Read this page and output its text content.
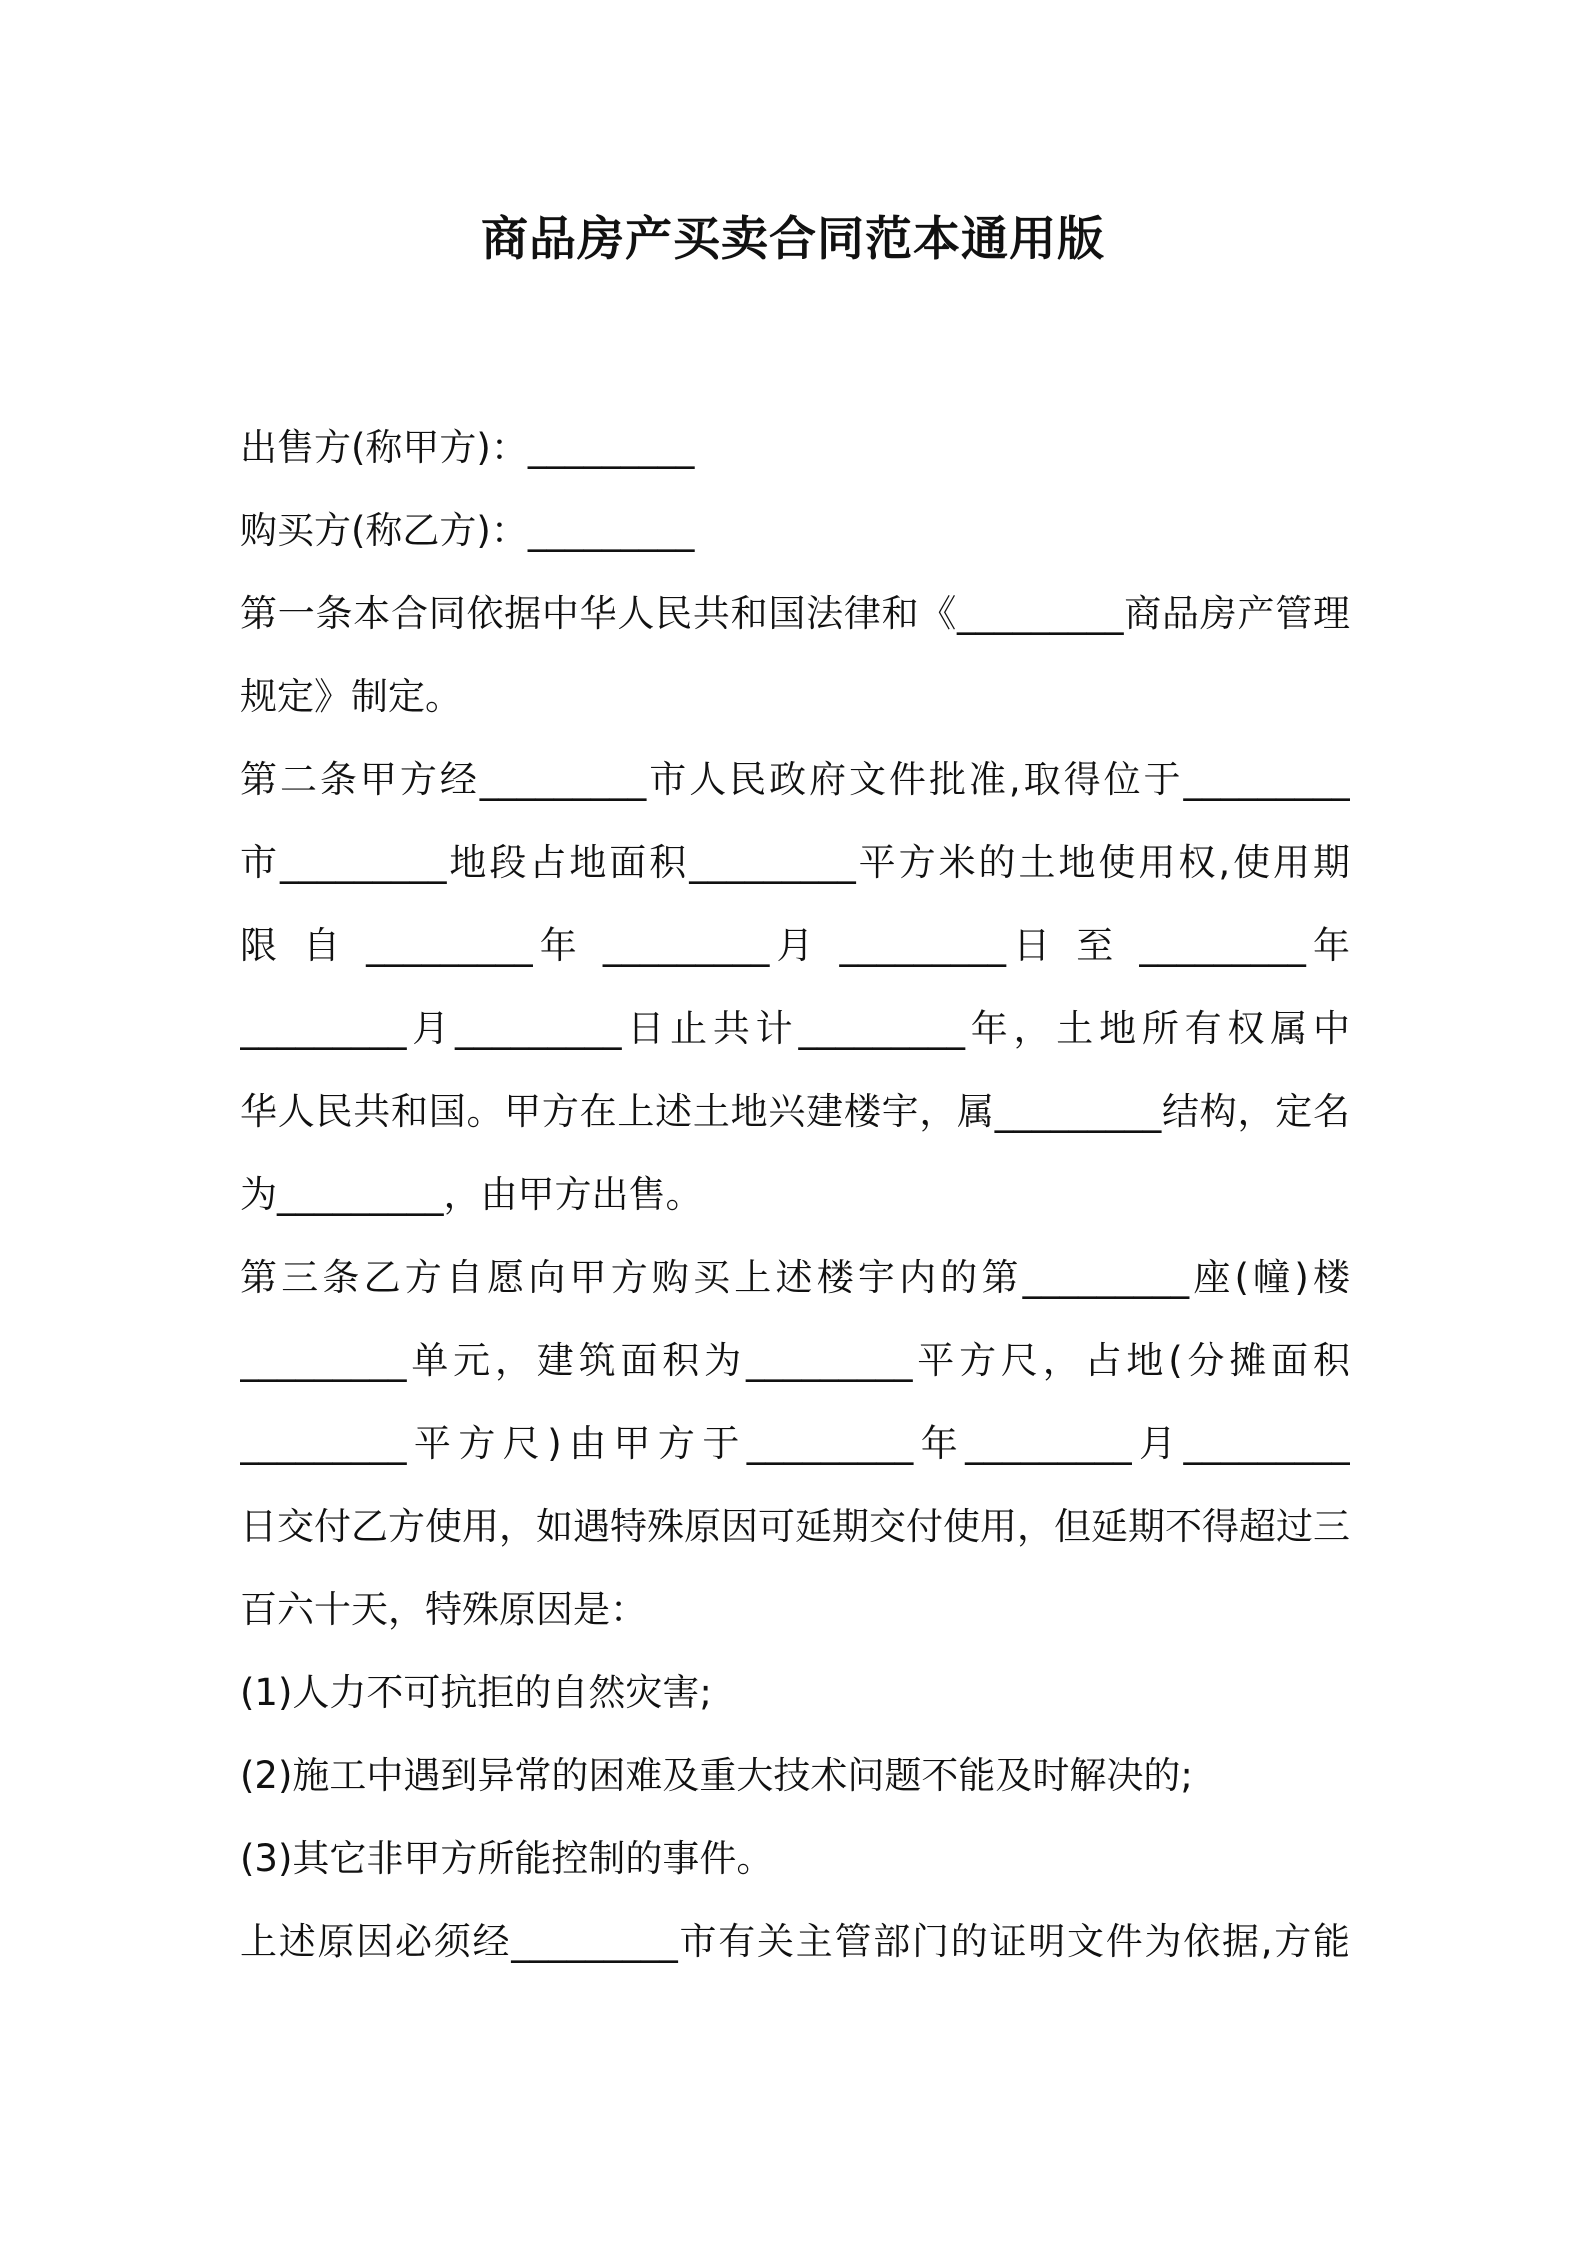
商品房产买卖合同范本通用版
出售方(称甲方)：_________
购买方(称乙方)：_________
第一条本合同依据中华人民共和国法律和《_________商品房产管理
规定》制定。
第二条甲方经_________市人民政府文件批准,取得位于_________
市_________地段占地面积_________平方米的土地使用权,使用期
限 自 _________年 _________月 _________日 至 _________年
_________月_________日止共计_________年，土地所有权属中
华人民共和国。甲方在上述土地兴建楼宇，属_________结构，定名
为_________，由甲方出售。
第三条乙方自愿向甲方购买上述楼宇内的第_________座(幢)楼
_________单元，建筑面积为_________平方尺，占地(分摊面积
_________平方尺)由甲方于_________年_________月_________
日交付乙方使用，如遇特殊原因可延期交付使用，但延期不得超过三
百六十天，特殊原因是：
(1)人力不可抗拒的自然灾害;
(2)施工中遇到异常的困难及重大技术问题不能及时解决的;
(3)其它非甲方所能控制的事件。
上述原因必须经_________市有关主管部门的证明文件为依据,方能
